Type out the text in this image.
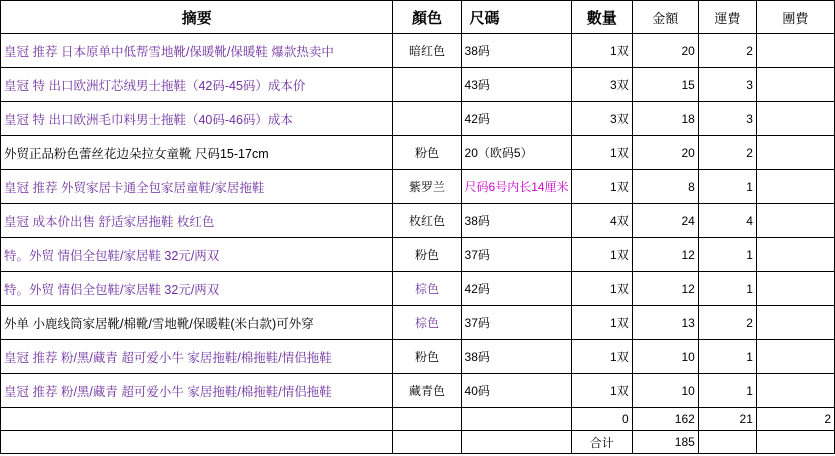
摘要	顏色	尺碼	數量	金額	運費	團費
皇冠 推荐 日本原单中低帮雪地靴/保暖靴/保暖鞋 爆款热卖中	暗红色	38码	1双	20	2	
皇冠 特 出口欧洲灯芯绒男士拖鞋（42码-45码）成本价		43码	3双	15	3	
皇冠 特 出口欧洲毛巾料男士拖鞋（40码-46码）成本		42码	3双	18	3	
外贸正品粉色蕾丝花边朵拉女童靴 尺码15-17cm	粉色	20（欧码5）	1双	20	2	
皇冠 推荐 外贸家居卡通全包家居童鞋/家居拖鞋	紫罗兰	尺码6号内长14厘米	1双	8	1	
皇冠 成本价出售 舒适家居拖鞋 枚红色	枚红色	38码	4双	24	4	
特。外贸 情侣全包鞋/家居鞋 32元/两双	粉色	37码	1双	12	1	
特。外贸 情侣全包鞋/家居鞋 32元/两双	棕色	42码	1双	12	1	
外单 小鹿线筒家居靴/棉靴/雪地靴/保暖鞋(米白款)可外穿	棕色	37码	1双	13	2	
皇冠 推荐 粉/黑/藏青 超可爱小牛 家居拖鞋/棉拖鞋/情侣拖鞋	粉色	38码	1双	10	1	
皇冠 推荐 粉/黑/藏青 超可爱小牛 家居拖鞋/棉拖鞋/情侣拖鞋	藏青色	40码	1双	10	1	
			0	162	21	2
			合计	185		
